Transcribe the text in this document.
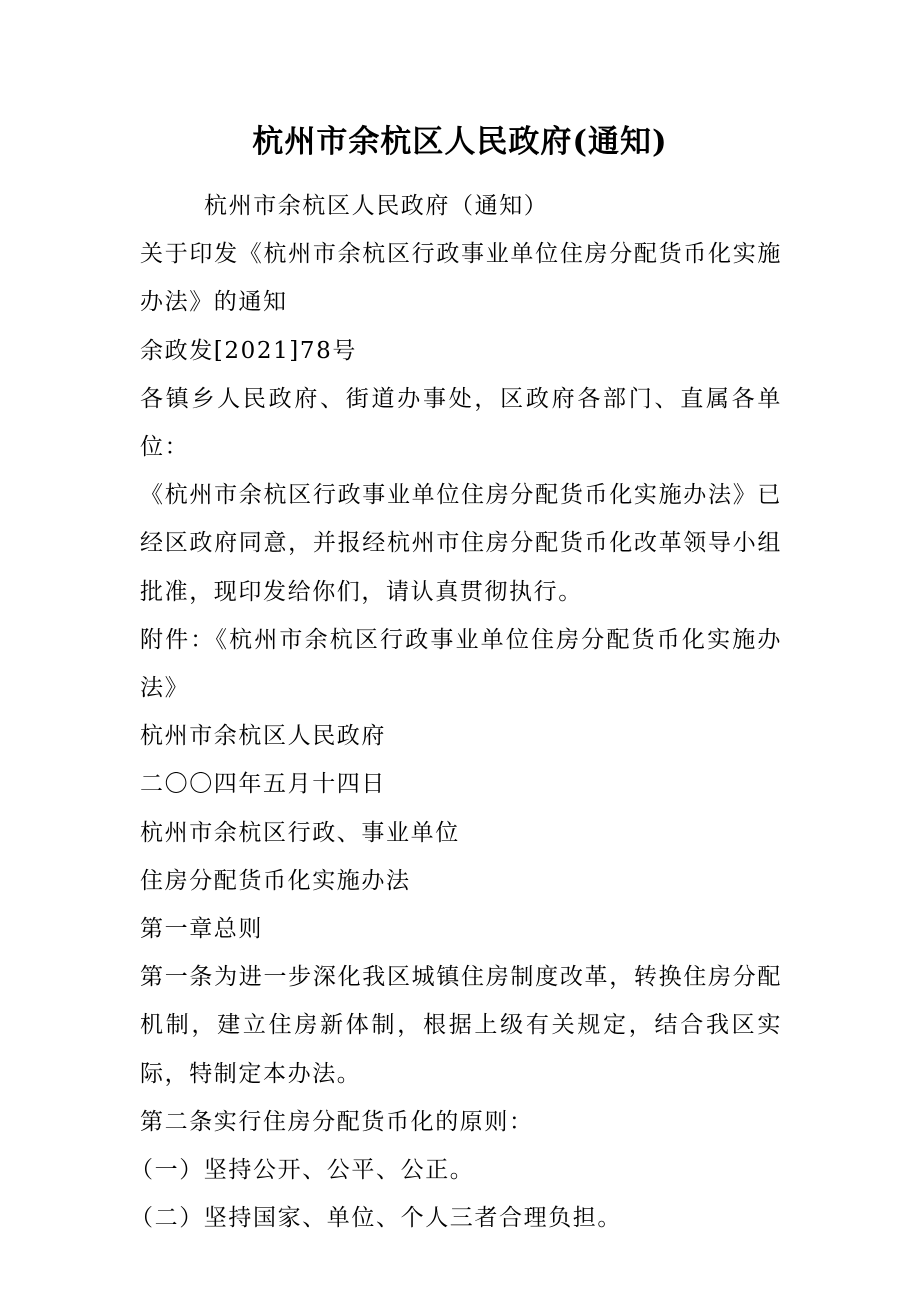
杭州市余杭区人民政府(通知)

杭州市余杭区人民政府（通知）

关于印发《杭州市余杭区行政事业单位住房分配货币化实施办法》的通知

余政发[2021]78号

各镇乡人民政府、街道办事处，区政府各部门、直属各单位：

《杭州市余杭区行政事业单位住房分配货币化实施办法》已经区政府同意，并报经杭州市住房分配货币化改革领导小组批准，现印发给你们，请认真贯彻执行。

附件：《杭州市余杭区行政事业单位住房分配货币化实施办法》

杭州市余杭区人民政府

二〇〇四年五月十四日

杭州市余杭区行政、事业单位

住房分配货币化实施办法

第一章总则

第一条为进一步深化我区城镇住房制度改革，转换住房分配机制，建立住房新体制，根据上级有关规定，结合我区实际，特制定本办法。

第二条实行住房分配货币化的原则：

（一）坚持公开、公平、公正。

（二）坚持国家、单位、个人三者合理负担。
